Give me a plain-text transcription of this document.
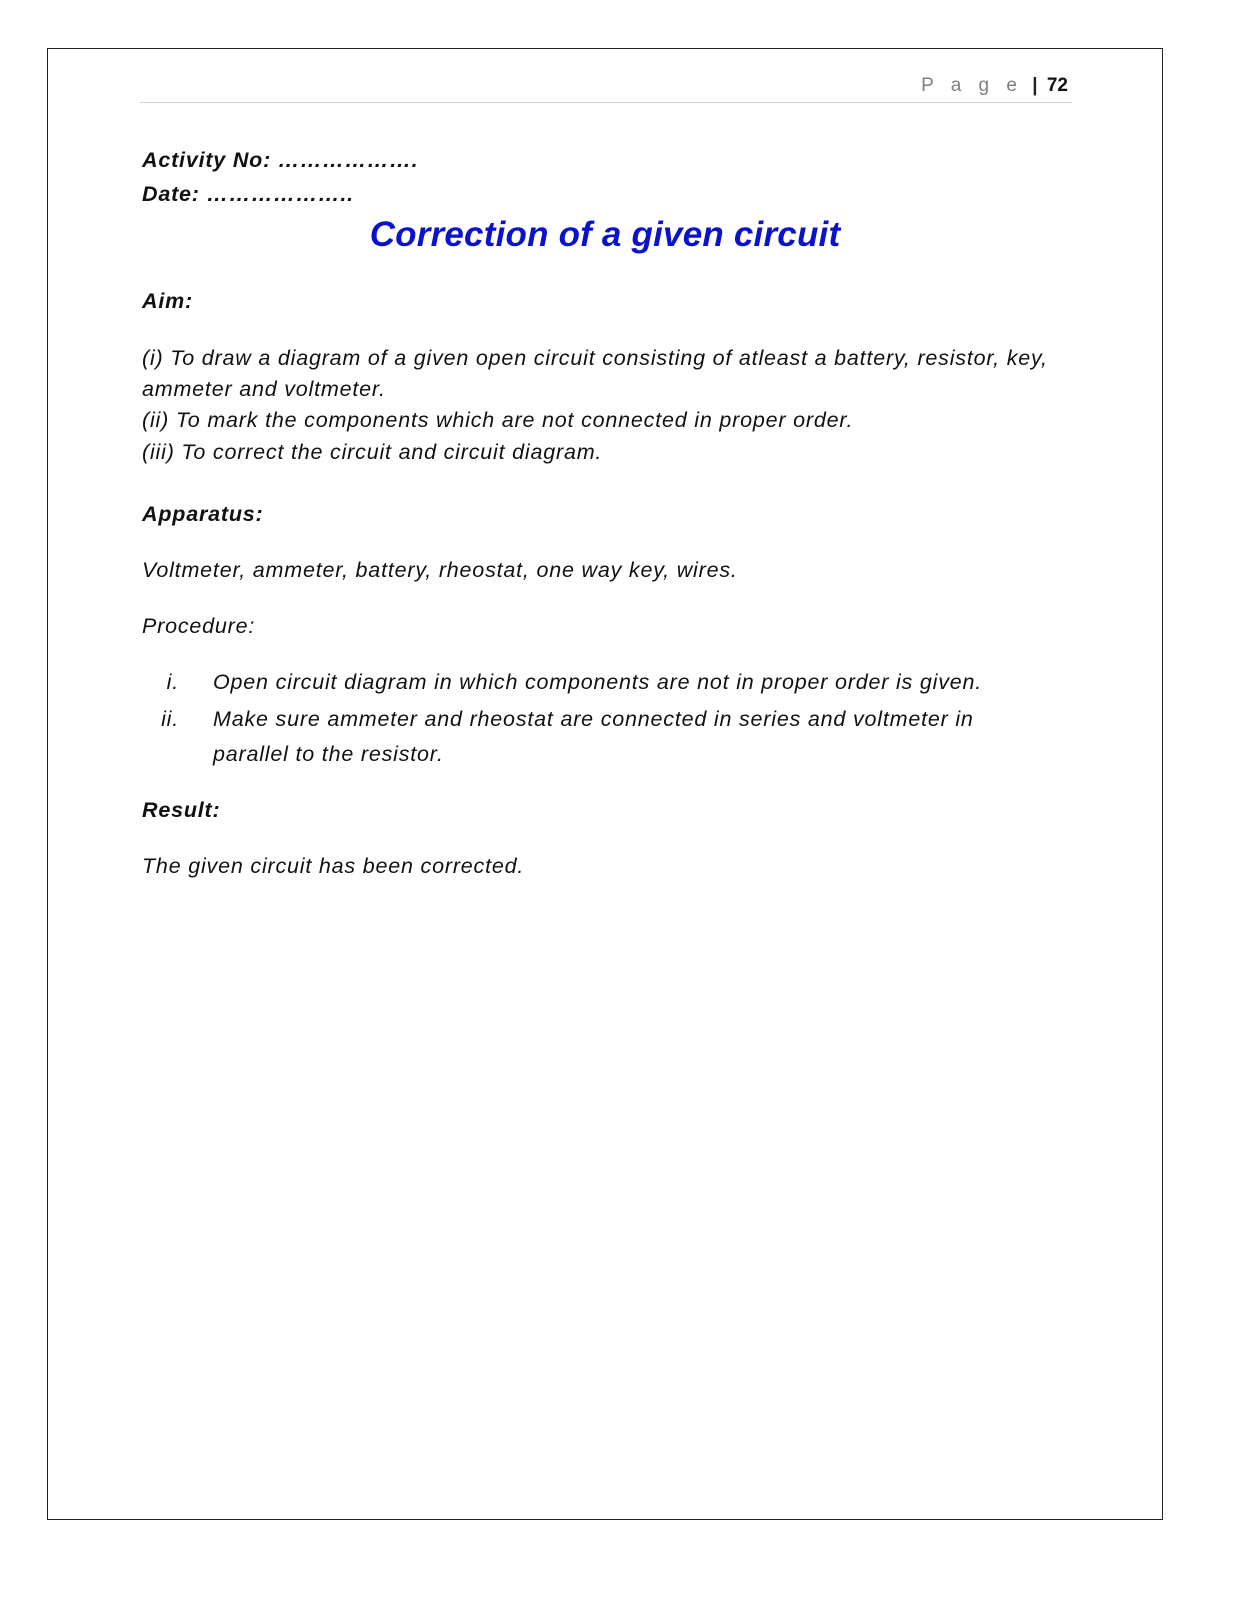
P a g e | 72
Activity No: ……………….
Date: ………………..
Correction of a given circuit
Aim:
(i) To draw a diagram of a given open circuit consisting of atleast a battery, resistor, key,
ammeter and voltmeter.
(ii) To mark the components which are not connected in proper order.
(iii) To correct the circuit and circuit diagram.
Apparatus:
Voltmeter, ammeter, battery, rheostat, one way key, wires.
Procedure:
i. Open circuit diagram in which components are not in proper order is given.
ii. Make sure ammeter and rheostat are connected in series and voltmeter in parallel to the resistor.
Result:
The given circuit has been corrected.
